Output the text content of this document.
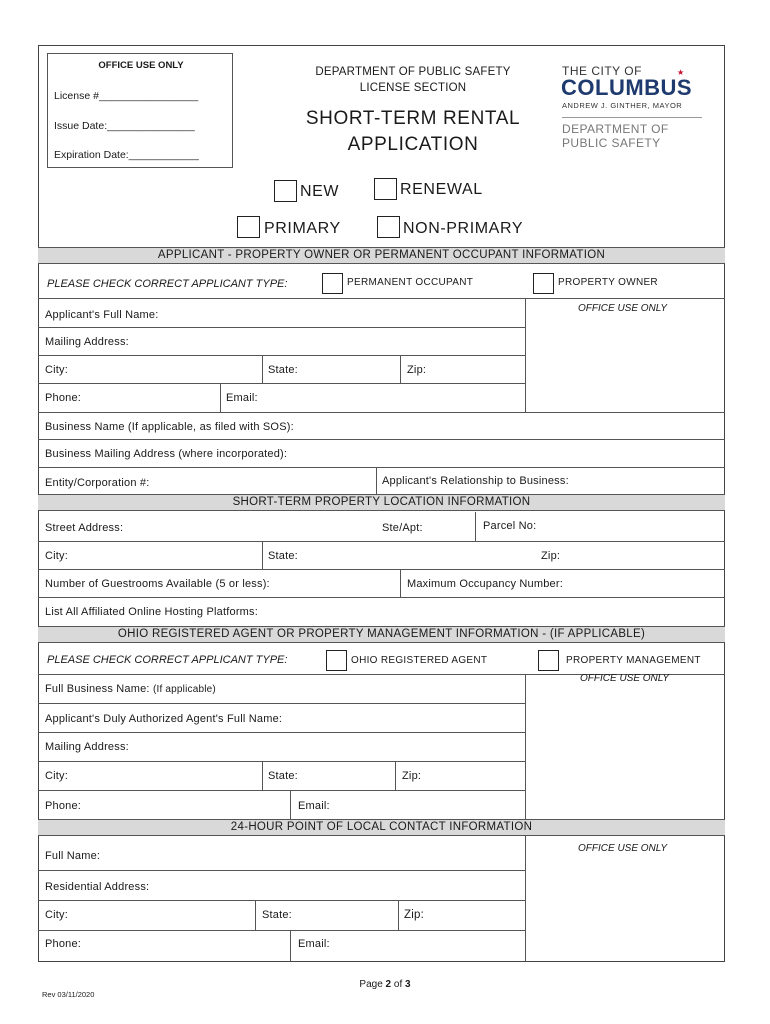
OFFICE USE ONLY
License #_________________
Issue Date:_______________
Expiration Date:____________
DEPARTMENT OF PUBLIC SAFETY
LICENSE SECTION
SHORT-TERM RENTAL
APPLICATION
THE CITY OF
COLUMBUS
★
ANDREW J. GINTHER, MAYOR
DEPARTMENT OF
PUBLIC SAFETY
NEW	RENEWAL
PRIMARY	NON-PRIMARY
APPLICANT - PROPERTY OWNER OR PERMANENT OCCUPANT INFORMATION
PLEASE CHECK CORRECT APPLICANT TYPE:	PERMANENT OCCUPANT	PROPERTY OWNER
OFFICE USE ONLY
Applicant's Full Name:
Mailing Address:
City:	State:	Zip:
Phone:	Email:
Business Name (If applicable, as filed with SOS):
Business Mailing Address (where incorporated):
Entity/Corporation #:	Applicant's Relationship to Business:
SHORT-TERM PROPERTY LOCATION INFORMATION
Street Address:	Ste/Apt:	Parcel No:
City:	State:	Zip:
Number of Guestrooms Available (5 or less):	Maximum Occupancy Number:
List All Affiliated Online Hosting Platforms:
OHIO REGISTERED AGENT OR PROPERTY MANAGEMENT INFORMATION - (IF APPLICABLE)
PLEASE CHECK CORRECT APPLICANT TYPE:	OHIO REGISTERED AGENT	PROPERTY MANAGEMENT
OFFICE USE ONLY
Full Business Name: (If applicable)
Applicant's Duly Authorized Agent's Full Name:
Mailing Address:
City:	State:	Zip:
Phone:	Email:
24-HOUR POINT OF LOCAL CONTACT INFORMATION
OFFICE USE ONLY
Full Name:
Residential Address:
City:	State:	Zip:
Phone:	Email:
Rev 03/11/2020
Page 2 of 3
